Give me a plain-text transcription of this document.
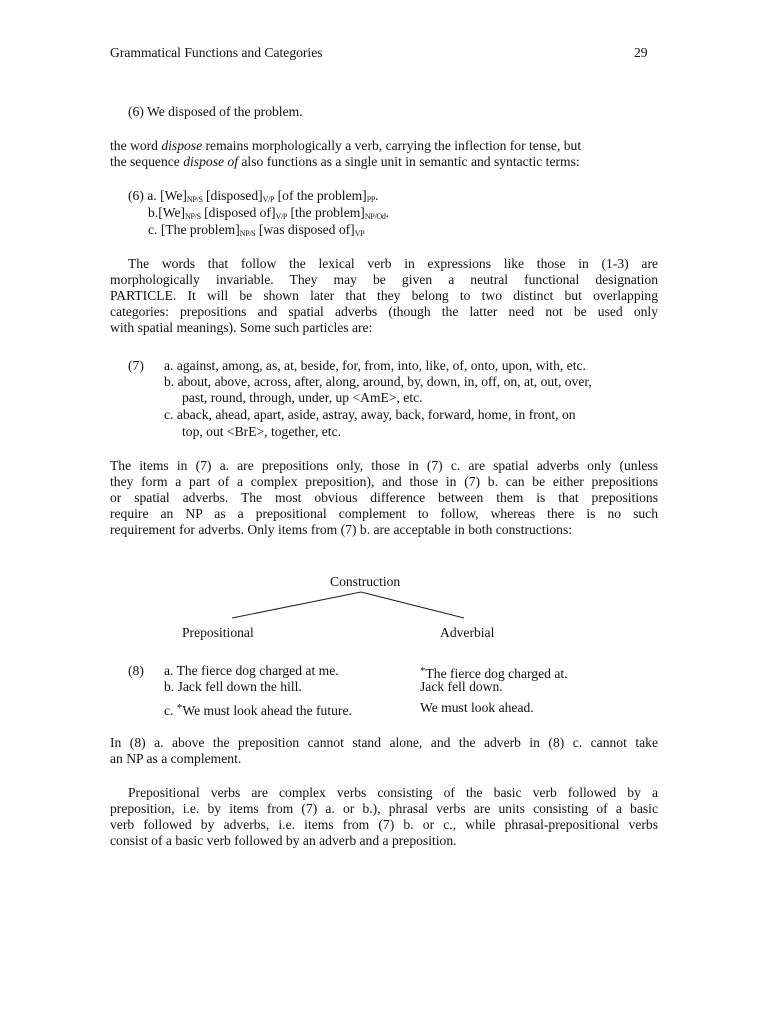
Grammatical Functions and Categories	29
(6) We disposed of the problem.
the word dispose remains morphologically a verb, carrying the inflection for tense, but
the sequence dispose of also functions as a single unit in semantic and syntactic terms:
(6) a. $[We]_{NP/S}$ $[disposed]_{V/P}$ [of the $problem]_{PP}$.
$b.[We]_{NP/S}$ [disposed $of]_{V/P}$ [the $problem]_{NP/Od}$.
c. [The $problem]_{NP/S}$ [was disposed $of]_{VP}$
The words that follow the lexical verb in expressions like those in (1-3) are
morphologically invariable. They may be given a neutral functional designation
PARTICLE. It will be shown later that they belong to two distinct but overlapping
categories: prepositions and spatial adverbs (though the latter need not be used only
with spatial meanings). Some such particles are:
(7) a. against, among, as, at, beside, for, from, into, like, of, onto, upon, with, etc.
b. about, above, across, after, along, around, by, down, in, off, on, at, out, over,
past, round, through, under, up <AmE>, etc.
c. aback, ahead, apart, aside, astray, away, back, forward, home, in front, on
top, out <BrE>, together, etc.
The items in (7) a. are prepositions only, those in (7) c. are spatial adverbs only (unless
they form a part of a complex preposition), and those in (7) b. can be either prepositions
or spatial adverbs. The most obvious difference between them is that prepositions
require an NP as a prepositional complement to follow, whereas there is no such
requirement for adverbs. Only items from (7) b. are acceptable in both constructions:
Construction
Prepositional	Adverbial
(8) a. The fierce dog charged at me.	*The fierce dog charged at.
b. Jack fell down the hill.	Jack fell down.
c. *We must look ahead the future.	We must look ahead.
In (8) a. above the preposition cannot stand alone, and the adverb in (8) c. cannot take
an NP as a complement.
Prepositional verbs are complex verbs consisting of the basic verb followed by a
preposition, i.e. by items from (7) a. or b.), phrasal verbs are units consisting of a basic
verb followed by adverbs, i.e. items from (7) b. or c., while phrasal-prepositional verbs
consist of a basic verb followed by an adverb and a preposition.
